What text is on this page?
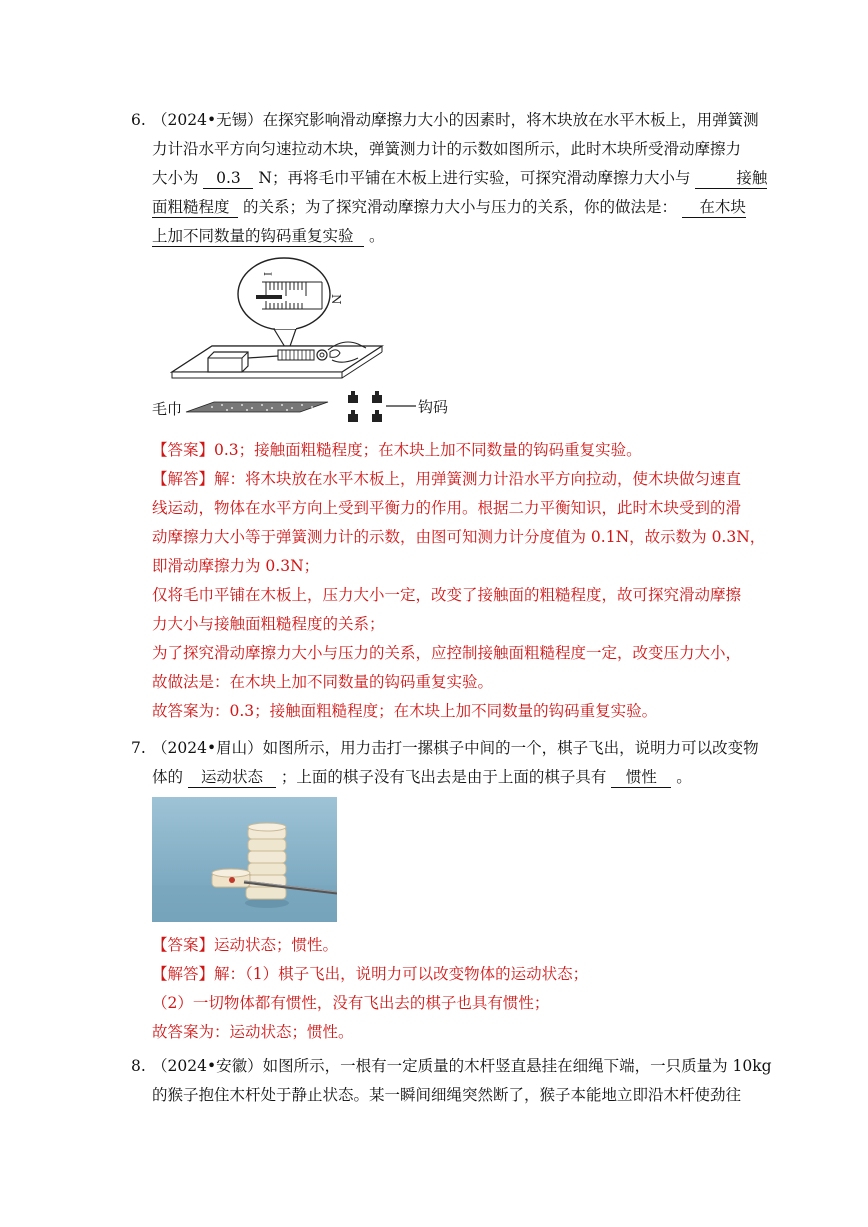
6. （2024•无锡）在探究影响滑动摩擦力大小的因素时，将木块放在水平木板上，用弹簧测
力计沿水平方向匀速拉动木块，弹簧测力计的示数如图所示，此时木块所受滑动摩擦力
大小为 0.3 N；再将毛巾平铺在木板上进行实验，可探究滑动摩擦力大小与	接触
面粗糙程度 的关系；为了探究滑动摩擦力大小与压力的关系，你的做法是： 在木块
上加不同数量的钩码重复实验 。
I
N
毛巾	钩码
【答案】0.3；接触面粗糙程度；在木块上加不同数量的钩码重复实验。
【解答】解：将木块放在水平木板上，用弹簧测力计沿水平方向拉动，使木块做匀速直
线运动，物体在水平方向上受到平衡力的作用。根据二力平衡知识，此时木块受到的滑
动摩擦力大小等于弹簧测力计的示数，由图可知测力计分度值为 0.1N，故示数为 0.3N，
即滑动摩擦力为 0.3N；
仅将毛巾平铺在木板上，压力大小一定，改变了接触面的粗糙程度，故可探究滑动摩擦
力大小与接触面粗糙程度的关系；
为了探究滑动摩擦力大小与压力的关系，应控制接触面粗糙程度一定，改变压力大小，
故做法是：在木块上加不同数量的钩码重复实验。
故答案为：0.3；接触面粗糙程度；在木块上加不同数量的钩码重复实验。
7. （2024•眉山）如图所示，用力击打一摞棋子中间的一个，棋子飞出，说明力可以改变物
体的 运动状态 ；上面的棋子没有飞出去是由于上面的棋子具有 惯性 。
【答案】运动状态；惯性。
【解答】解：（1）棋子飞出，说明力可以改变物体的运动状态；
（2）一切物体都有惯性，没有飞出去的棋子也具有惯性；
故答案为：运动状态；惯性。
8. （2024•安徽）如图所示，一根有一定质量的木杆竖直悬挂在细绳下端，一只质量为 10kg
的猴子抱住木杆处于静止状态。某一瞬间细绳突然断了，猴子本能地立即沿木杆使劲往
